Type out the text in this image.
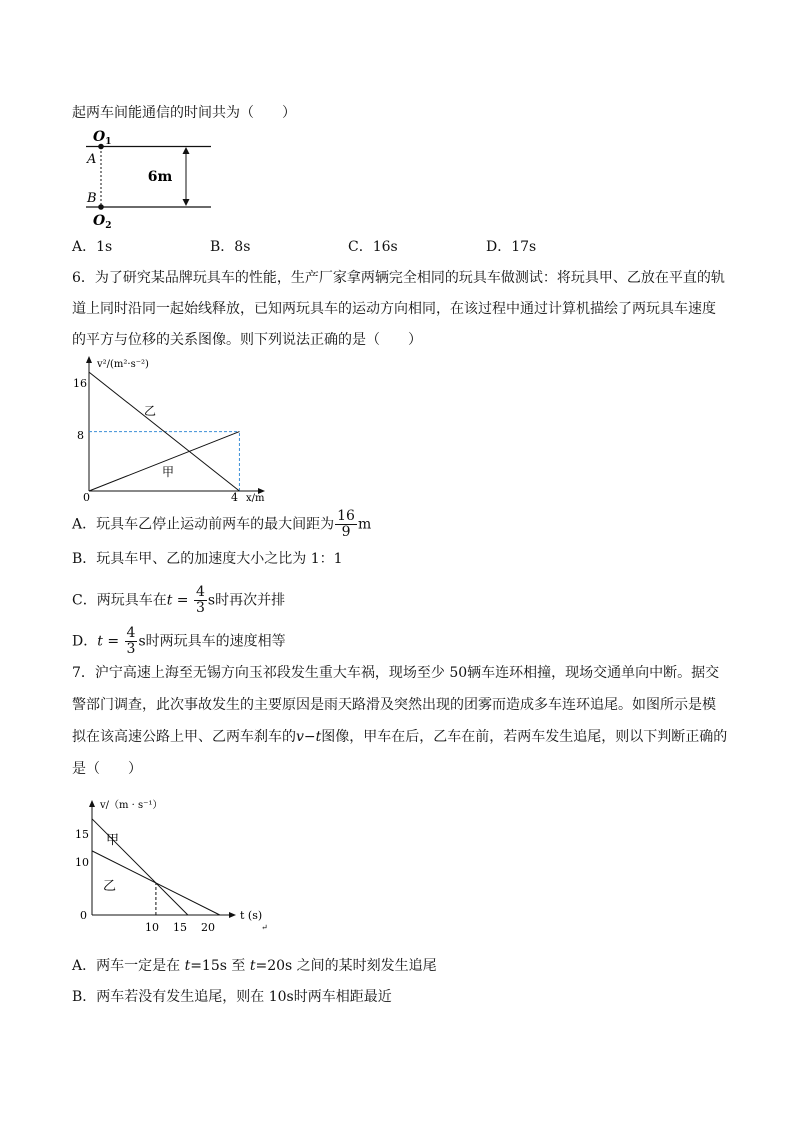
起两车间能通信的时间共为（　　）
$O_1$
A
B
$O_2$
6m
A．1s	B．8s	C．16s	D．17s
6．为了研究某品牌玩具车的性能，生产厂家拿两辆完全相同的玩具车做测试：将玩具甲、乙放在平直的轨
道上同时沿同一起始线释放，已知两玩具车的运动方向相同，在该过程中通过计算机描绘了两玩具车速度
的平方与位移的关系图像。则下列说法正确的是（　　）
v²/(m²·s⁻²)
x/m
16
8
0	4
乙
甲
A．玩具车乙停止运动前两车的最大间距为 $\frac{16}{9}$ m
B．玩具车甲、乙的加速度大小之比为 1：1
C．两玩具车在$t = \frac{4}{3}$ s时再次并排
D．$t = \frac{4}{3}$ s时两玩具车的速度相等
7．沪宁高速上海至无锡方向玉祁段发生重大车祸，现场至少 50辆车连环相撞，现场交通单向中断。据交
警部门调查，此次事故发生的主要原因是雨天路滑及突然出现的团雾而造成多车连环追尾。如图所示是模
拟在该高速公路上甲、乙两车刹车的v−t图像，甲车在后，乙车在前，若两车发生追尾，则以下判断正确的
是（　　）
v/（m · s⁻¹）
t (s)
↵
15
10
0
10 15 20
甲
乙
A．两车一定是在 t=15s 至 t=20s 之间的某时刻发生追尾
B．两车若没有发生追尾，则在 10s时两车相距最近
